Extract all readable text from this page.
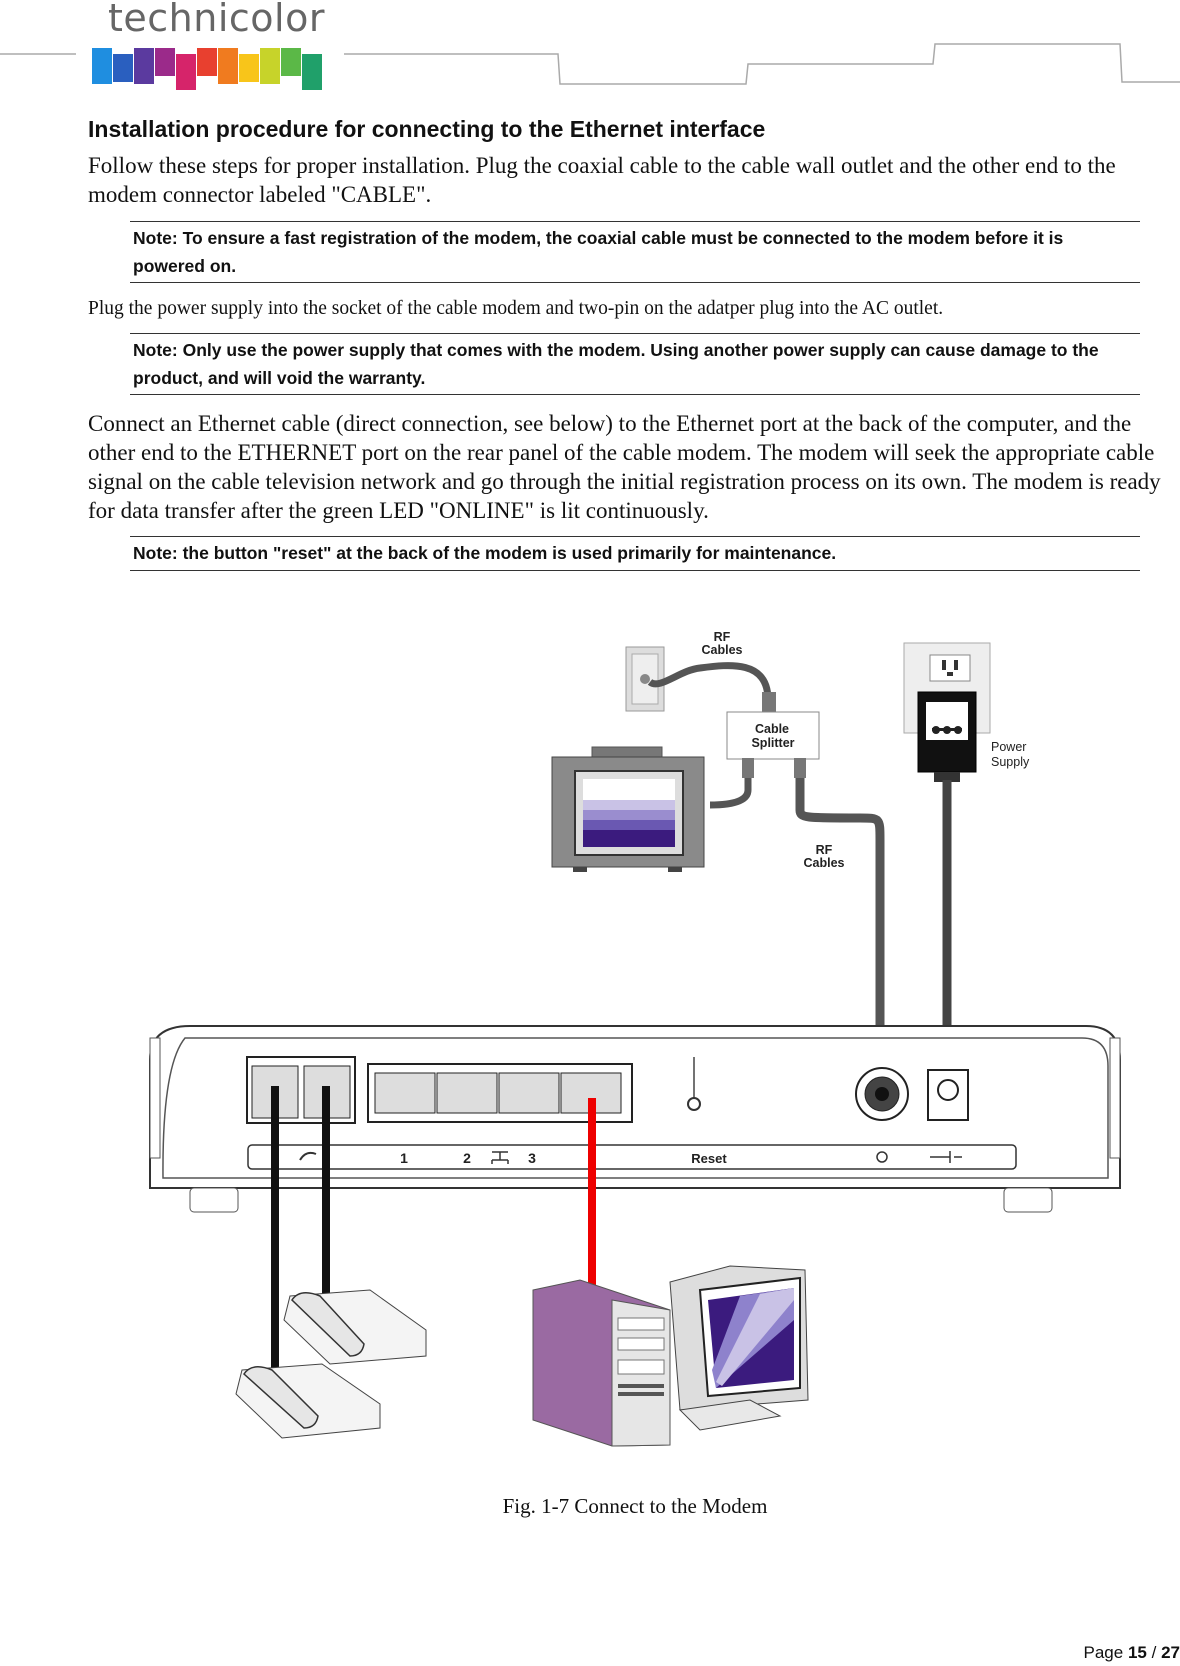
technicolor
Installation procedure for connecting to the Ethernet interface
Follow these steps for proper installation. Plug the coaxial cable to the cable wall outlet and the other end to the modem connector labeled "CABLE".
Note: To ensure a fast registration of the modem, the coaxial cable must be connected to the modem before it is powered on.
Plug the power supply into the socket of the cable modem and two-pin on the adatper plug into the AC outlet.
Note: Only use the power supply that comes with the modem. Using another power supply can cause damage to the product, and will void the warranty.
Connect an Ethernet cable (direct connection, see below) to the Ethernet port at the back of the computer, and the other end to the ETHERNET port on the rear panel of the cable modem. The modem will seek the appropriate cable signal on the cable television network and go through the initial registration process on its own. The modem is ready for data transfer after the green LED "ONLINE" is lit continuously.
Note: the button "reset" at the back of the modem is used primarily for maintenance.
RF
Cables
Cable
Splitter	Power
Supply
RF
Cables
1	2	3	Reset
Fig. 1-7 Connect to the Modem
Page 15 / 27
